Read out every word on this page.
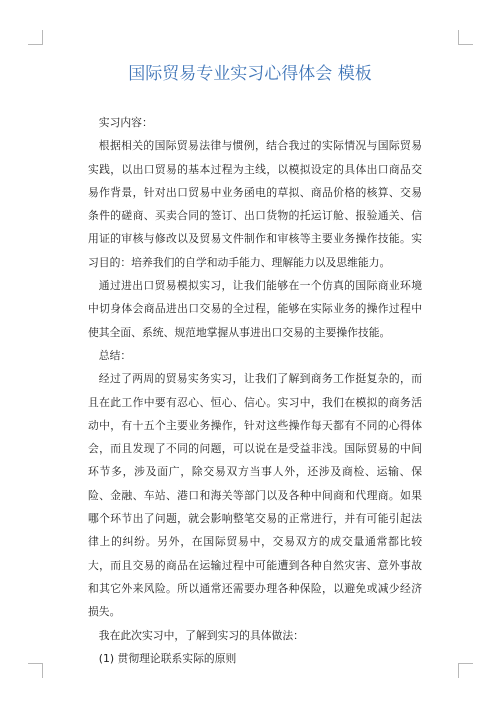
国际贸易专业实习心得体会 模板

实习内容：

根据相关的国际贸易法律与惯例，结合我过的实际情况与国际贸易实践，以出口贸易的基本过程为主线，以模拟设定的具体出口商品交易作背景，针对出口贸易中业务函电的草拟、商品价格的核算、交易条件的磋商、买卖合同的签订、出口货物的托运订舱、报验通关、信用证的审核与修改以及贸易文件制作和审核等主要业务操作技能。实习目的：培养我们的自学和动手能力、理解能力以及思维能力。

通过进出口贸易模拟实习，让我们能够在一个仿真的国际商业环境中切身体会商品进出口交易的全过程，能够在实际业务的操作过程中使其全面、系统、规范地掌握从事进出口交易的主要操作技能。

总结：

经过了两周的贸易实务实习，让我们了解到商务工作挺复杂的，而且在此工作中要有忍心、恒心、信心。实习中，我们在模拟的商务活动中，有十五个主要业务操作，针对这些操作每天都有不同的心得体会，而且发现了不同的问题，可以说在是受益非浅。国际贸易的中间环节多，涉及面广，除交易双方当事人外，还涉及商检、运输、保险、金融、车站、港口和海关等部门以及各种中间商和代理商。如果哪个环节出了问题，就会影响整笔交易的正常进行，并有可能引起法律上的纠纷。另外，在国际贸易中，交易双方的成交量通常都比较大，而且交易的商品在运输过程中可能遭到各种自然灾害、意外事故和其它外来风险。所以通常还需要办理各种保险，以避免或减少经济损失。

我在此次实习中，了解到实习的具体做法：

(1) 贯彻理论联系实际的原则
